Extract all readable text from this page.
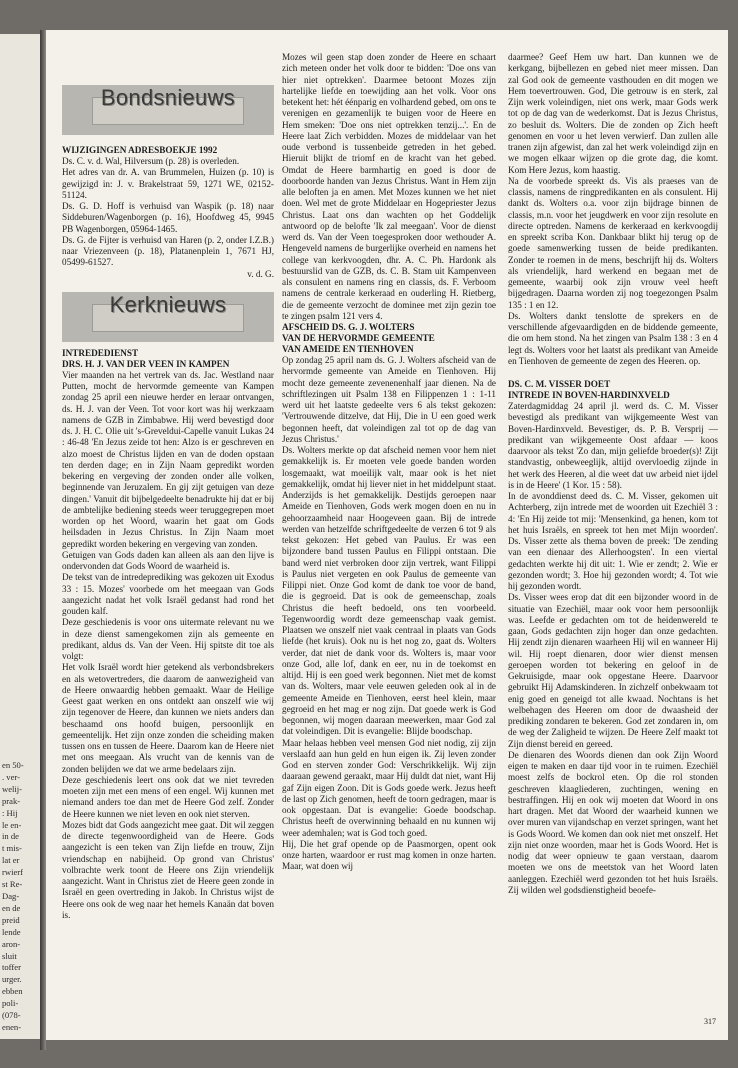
en 50-
. ver-
welij-
prak-
: Hij
le en-
in de
t mis-
lat er
rwierf
st Re-
Dag-
en de
preid
lende
aron-
sluit
toffer
urger.
ebben
poli-
(078-
enen-
Bondsnieuws
WIJZIGINGEN ADRESBOEKJE 1992

Ds. C. v. d. Wal, Hilversum (p. 28) is overleden.

Het adres van dr. A. van Brummelen, Huizen (p. 10) is gewijzigd in: J. v. Brakelstraat 59, 1271 WE, 02152-51124.

Ds. G. D. Hoff is verhuisd van Waspik (p. 18) naar Siddeburen/Wagenborgen (p. 16), Hoofdweg 45, 9945 PB Wagenborgen, 05964-1465.

Ds. G. de Fijter is verhuisd van Haren (p. 2, onder I.Z.B.) naar Vriezenveen (p. 18), Platanenplein 1, 7671 HJ, 05499-61527.

v. d. G.

Kerknieuws
INTREDEDIENST
DRS. H. J. VAN DER VEEN IN KAMPEN

Vier maanden na het vertrek van ds. Jac. Westland naar Putten, mocht de hervormde gemeente van Kampen zondag 25 april een nieuwe herder en leraar ontvangen, ds. H. J. van der Veen. Tot voor kort was hij werkzaam namens de GZB in Zimbabwe. Hij werd bevestigd door ds. J. H. C. Olie uit 's-Greveldui-Capelle vanuit Lukas 24 : 46-48 'En Jezus zeide tot hen: Alzo is er geschreven en alzo moest de Christus lijden en van de doden opstaan ten derden dage; en in Zijn Naam gepredikt worden bekering en vergeving der zonden onder alle volken, beginnende van Jeruzalem. En gij zijt getuigen van deze dingen.' Vanuit dit bijbelgedeelte benadrukte hij dat er bij de ambtelijke bediening steeds weer teruggegrepen moet worden op het Woord, waarin het gaat om Gods heilsdaden in Jezus Christus. In Zijn Naam moet gepredikt worden bekering en vergeving van zonden.

Getuigen van Gods daden kan alleen als aan den lijve is ondervonden dat Gods Woord de waarheid is.

De tekst van de intredeprediking was gekozen uit Exodus 33 : 15. Mozes' voorbede om het meegaan van Gods aangezicht nadat het volk Israël gedanst had rond het gouden kalf.

Deze geschiedenis is voor ons uitermate relevant nu we in deze dienst samengekomen zijn als gemeente en predikant, aldus ds. Van der Veen. Hij spitste dit toe als volgt:

Het volk Israël wordt hier getekend als verbondsbrekers en als wetovertreders, die daarom de aanwezigheid van de Heere onwaardig hebben gemaakt. Waar de Heilige Geest gaat werken en ons ontdekt aan onszelf wie wij zijn tegenover de Heere, dan kunnen we niets anders dan beschaamd ons hoofd buigen, persoonlijk en gemeentelijk. Het zijn onze zonden die scheiding maken tussen ons en tussen de Heere. Daarom kan de Heere niet met ons meegaan. Als vrucht van de kennis van de zonden belijden we dat we arme bedelaars zijn.

Deze geschiedenis leert ons ook dat we niet tevreden moeten zijn met een mens of een engel. Wij kunnen met niemand anders toe dan met de Heere God zelf. Zonder de Heere kunnen we niet leven en ook niet sterven.

Mozes bidt dat Gods aangezicht mee gaat. Dit wil zeggen de directe tegenwoordigheid van de Heere. Gods aangezicht is een teken van Zijn liefde en trouw, Zijn vriendschap en nabijheid. Op grond van Christus' volbrachte werk toont de Heere ons Zijn vriendelijk aangezicht. Want in Christus ziet de Heere geen zonde in Israël en geen overtreding in Jakob. In Christus wijst de Heere ons ook de weg naar het hemels Kanaän dat boven is.

Mozes wil geen stap doen zonder de Heere en schaart zich meteen onder het volk door te bidden: 'Doe ons van hier niet optrekken'. Daarmee betoont Mozes zijn hartelijke liefde en toewijding aan het volk. Voor ons betekent het: hét éénparig en volhardend gebed, om ons te verenigen en gezamenlijk te buigen voor de Heere en Hem smeken: 'Doe ons niet optrekken tenzij...'. En de Heere laat Zich verbidden. Mozes de middelaar van het oude verbond is tussenbeide getreden in het gebed. Hieruit blijkt de triomf en de kracht van het gebed. Omdat de Heere barmhartig en goed is door de doorboorde handen van Jezus Christus. Want in Hem zijn alle beloften ja en amen. Met Mozes kunnen we het niet doen. Wel met de grote Middelaar en Hogepriester Jezus Christus. Laat ons dan wachten op het Goddelijk antwoord op de belofte 'Ik zal meegaan'. Voor de dienst werd ds. Van der Veen toegesproken door wethouder A. Hengeveld namens de burgerlijke overheid en namens het college van kerkvoogden, dhr. A. C. Ph. Hardonk als bestuurslid van de GZB, ds. C. B. Stam uit Kampenveen als consulent en namens ring en classis, ds. F. Verboom namens de centrale kerkeraad en ouderling H. Rietberg, die de gemeente verzocht de dominee met zijn gezin toe te zingen psalm 121 vers 4.

AFSCHEID DS. G. J. WOLTERS
VAN DE HERVORMDE GEMEENTE
VAN AMEIDE EN TIENHOVEN

Op zondag 25 april nam ds. G. J. Wolters afscheid van de hervormde gemeente van Ameide en Tienhoven. Hij mocht deze gemeente zevenenenhalf jaar dienen. Na de schriftlezingen uit Psalm 138 en Filippenzen 1 : 1-11 werd uit het laatste gedeelte vers 6 als tekst gekozen: 'Vertrouwende ditzelve, dat Hij, Die in U een goed werk begonnen heeft, dat voleindigen zal tot op de dag van Jezus Christus.'

Ds. Wolters merkte op dat afscheid nemen voor hem niet gemakkelijk is. Er moeten vele goede banden worden losgemaakt, wat moeilijk valt, maar ook is het niet gemakkelijk, omdat hij liever niet in het middelpunt staat. Anderzijds is het gemakkelijk. Destijds geroepen naar Ameide en Tienhoven, Gods werk mogen doen en nu in gehoorzaamheid naar Hoogeveen gaan. Bij de intrede werden van hetzelfde schriftgedeelte de verzen 6 tot 9 als tekst gekozen: Het gebed van Paulus. Er was een bijzondere band tussen Paulus en Filippi ontstaan. Die band werd niet verbroken door zijn vertrek, want Filippi is Paulus niet vergeten en ook Paulus de gemeente van Filippi niet. Onze God komt de dank toe voor de band, die is gegroeid. Dat is ook de gemeenschap, zoals Christus die heeft bedoeld, ons ten voorbeeld. Tegenwoordig wordt deze gemeenschap vaak gemist. Plaatsen we onszelf niet vaak centraal in plaats van Gods liefde (het kruis). Ook nu is het nog zo, gaat ds. Wolters verder, dat niet de dank voor ds. Wolters is, maar voor onze God, alle lof, dank en eer, nu in de toekomst en altijd. Hij is een goed werk begonnen. Niet met de komst van ds. Wolters, maar vele eeuwen geleden ook al in de gemeente Ameide en Tienhoven, eerst heel klein, maar gegroeid en het mag er nog zijn. Dat goede werk is God begonnen, wij mogen daaraan meewerken, maar God zal dat voleindigen. Dit is evangelie: Blijde boodschap.

Maar helaas hebben veel mensen God niet nodig, zij zijn verslaafd aan hun geld en hun eigen ik. Zij leven zonder God en sterven zonder God: Verschrikkelijk. Wij zijn daaraan gewend geraakt, maar Hij duldt dat niet, want Hij gaf Zijn eigen Zoon. Dit is Gods goede werk. Jezus heeft de last op Zich genomen, heeft de toorn gedragen, maar is ook opgestaan. Dat is evangelie: Goede boodschap. Christus heeft de overwinning behaald en nu kunnen wij weer ademhalen; wat is God toch goed.

Hij, Die het graf opende op de Paasmorgen, opent ook onze harten, waardoor er rust mag komen in onze harten. Maar, wat doen wij

daarmee? Geef Hem uw hart. Dan kunnen we de kerkgang, bijbellezen en gebed niet meer missen. Dan zal God ook de gemeente vasthouden en dit mogen we Hem toevertrouwen. God, Die getrouw is en sterk, zal Zijn werk voleindigen, niet ons werk, maar Gods werk tot op de dag van de wederkomst. Dat is Jezus Christus, zo besluit ds. Wolters. Die de zonden op Zich heeft genomen en voor u het leven verwierf. Dan zullen alle tranen zijn afgewist, dan zal het werk voleindigd zijn en we mogen elkaar wijzen op die grote dag, die komt. Kom Here Jezus, kom haastig.

Na de voorbede spreekt ds. Vis als praeses van de classis, namens de ringpredikanten en als consulent. Hij dankt ds. Wolters o.a. voor zijn bijdrage binnen de classis, m.n. voor het jeugdwerk en voor zijn resolute en directe optreden. Namens de kerkeraad en kerkvoogdij en spreekt scriba Kon. Dankbaar blikt hij terug op de goede samenwerking tussen de beide predikanten. Zonder te roemen in de mens, beschrijft hij ds. Wolters als vriendelijk, hard werkend en begaan met de gemeente, waarbij ook zijn vrouw veel heeft bijgedragen. Daarna worden zij nog toegezongen Psalm 135 : 1 en 12.

Ds. Wolters dankt tenslotte de sprekers en de verschillende afgevaardigden en de biddende gemeente, die om hem stond. Na het zingen van Psalm 138 : 3 en 4 legt ds. Wolters voor het laatst als predikant van Ameide en Tienhoven de gemeente de zegen des Heeren. op.

DS. C. M. VISSER DOET
INTREDE IN BOVEN-HARDINXVELD

Zaterdagmiddag 24 april jl. werd ds. C. M. Visser bevestigd als predikant van wijkgemeente West van Boven-Hardinxveld. Bevestiger, ds. P. B. Versprij — predikant van wijkgemeente Oost afdaar — koos daarvoor als tekst 'Zo dan, mijn geliefde broeder(s)! Zijt standvastig, onbeweeglijk, altijd overvloedig zijnde in het werk des Heeren, al die weet dat uw arbeid niet ijdel is in de Heere' (1 Kor. 15 : 58).

In de avonddienst deed ds. C. M. Visser, gekomen uit Achterberg, zijn intrede met de woorden uit Ezechiël 3 : 4: 'En Hij zeide tot mij: 'Mensenkind, ga henen, kom tot het huis Israëls, en spreek tot hen met Mijn woorden'. Ds. Visser zette als thema boven de preek: 'De zending van een dienaar des Allerhoogsten'. In een viertal gedachten werkte hij dit uit: 1. Wie er zendt; 2. Wie er gezonden wordt; 3. Hoe hij gezonden wordt; 4. Tot wie hij gezonden wordt.

Ds. Visser wees erop dat dit een bijzonder woord in de situatie van Ezechiël, maar ook voor hem persoonlijk was. Leefde er gedachten om tot de heidenwereld te gaan, Gods gedachten zijn hoger dan onze gedachten. Hij zendt zijn dienaren waarheen Hij wil en wanneer Hij wil. Hij roept dienaren, door wier dienst mensen geroepen worden tot bekering en geloof in de Gekruisigde, maar ook opgestane Heere. Daarvoor gebruikt Hij Adamskinderen. In zichzelf onbekwaam tot enig goed en geneigd tot alle kwaad. Nochtans is het welbehagen des Heeren om door de dwaasheid der prediking zondaren te bekeren. God zet zondaren in, om de weg der Zaligheid te wijzen. De Heere Zelf maakt tot Zijn dienst bereid en gereed.

De dienaren des Woords dienen dan ook Zijn Woord eigen te maken en daar tijd voor in te ruimen. Ezechiël moest zelfs de bockrol eten. Op die rol stonden geschreven klaagliederen, zuchtingen, wening en bestraffingen. Hij en ook wij moeten dat Woord in ons hart dragen. Met dat Woord der waarheid kunnen we over muren van vijandschap en verzet springen, want het is Gods Woord. We komen dan ook niet met onszelf. Het zijn niet onze woorden, maar het is Gods Woord. Het is nodig dat weer opnieuw te gaan verstaan, daarom moeten we ons de meetstok van het Woord laten aanleggen. Ezechiël werd gezonden tot het huis Israëls. Zij wilden wel godsdienstigheid beoefe-

317
